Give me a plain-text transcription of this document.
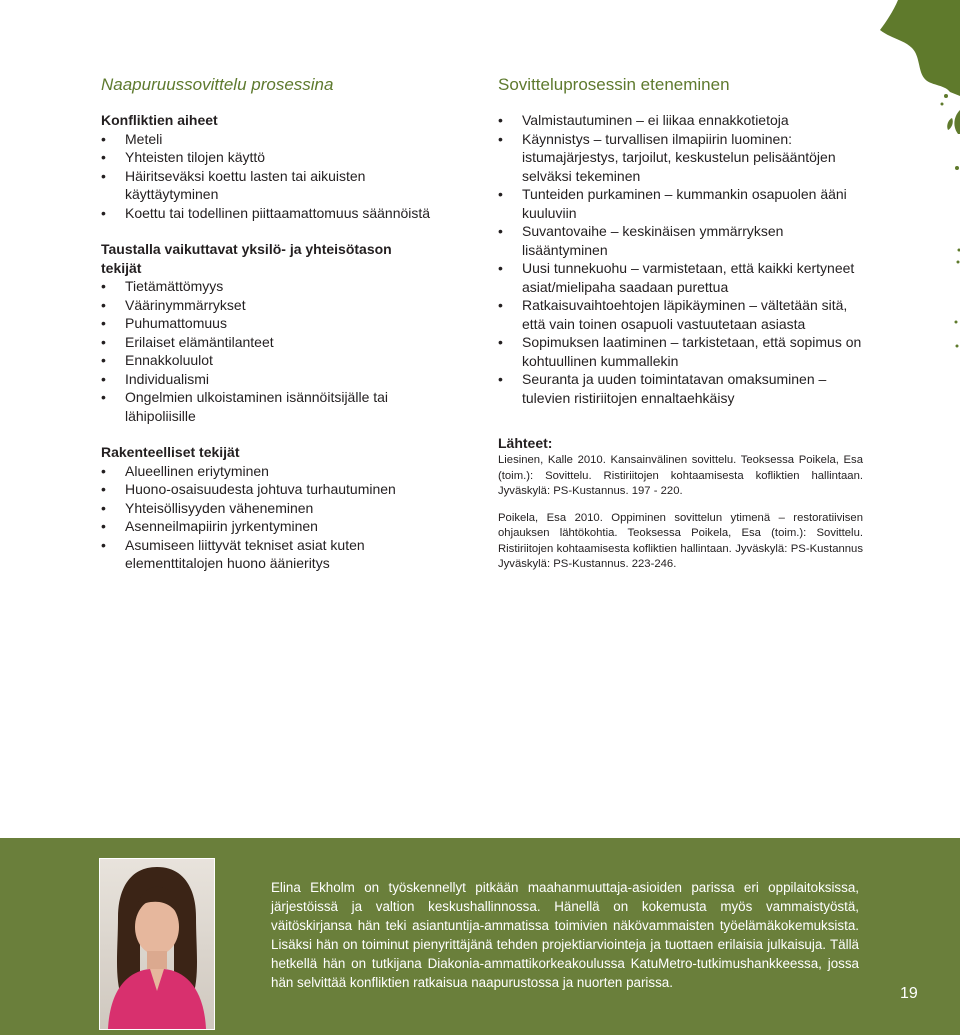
Naapuruussovittelu prosessina

Konfliktien aiheet

• Meteli
• Yhteisten tilojen käyttö
• Häiritseväksi koettu lasten tai aikuisten käyttäytyminen
• Koettu tai todellinen piittaamattomuus säännöistä

Taustalla vaikuttavat yksilö- ja yhteisötason tekijät

• Tietämättömyys
• Väärinymmärrykset
• Puhumattomuus
• Erilaiset elämäntilanteet
• Ennakkoluulot
• Individualismi
• Ongelmien ulkoistaminen isännöitsijälle tai lähipoliisille

Rakenteelliset tekijät

• Alueellinen eriytyminen
• Huono-osaisuudesta johtuva turhautuminen
• Yhteisöllisyyden väheneminen
• Asenneilmapiirin jyrkentyminen
• Asumiseen liittyvät tekniset asiat kuten elementtitalojen huono äänieritys
Sovitteluprosessin eteneminen
• Valmistautuminen – ei liikaa ennakkotietoja
• Käynnistys – turvallisen ilmapiirin luominen: istumajärjestys, tarjoilut, keskustelun pelisääntöjen selväksi tekeminen
• Tunteiden purkaminen – kummankin osapuolen ääni kuuluviin
• Suvantovaihe – keskinäisen ymmärryksen lisääntyminen
• Uusi tunnekuohu – varmistetaan, että kaikki kertyneet asiat/mielipaha saadaan purettua
• Ratkaisuvaihtoehtojen läpikäyminen – vältetään sitä, että vain toinen osapuoli vastuutetaan asiasta
• Sopimuksen laatiminen – tarkistetaan, että sopimus on kohtuullinen kummallekin
• Seuranta ja uuden toimintatavan omaksuminen – tulevien ristiriitojen ennaltaehkäisy

Lähteet:

Liesinen, Kalle 2010. Kansainvälinen sovittelu. Teoksessa Poikela, Esa (toim.): Sovittelu. Ristiriitojen kohtaamisesta kofliktien hallintaan. Jyväskylä: PS-Kustannus. 197 - 220.

Poikela, Esa 2010. Oppiminen sovittelun ytimenä – restoratiivisen ohjauksen lähtökohtia. Teoksessa Poikela, Esa (toim.): Sovittelu. Ristiriitojen kohtaamisesta kofliktien hallintaan. Jyväskylä: PS-Kustannus Jyväskylä: PS-Kustannus. 223-246.

Elina Ekholm on työskennellyt pitkään maahanmuuttaja-asioiden parissa eri oppilaitoksissa, järjestöissä ja valtion keskushallinnossa. Hänellä on kokemusta myös vammaistyöstä, väitöskirjansa hän teki asiantuntija-ammatissa toimivien näkövammaisten työelämäkokemuksista. Lisäksi hän on toiminut pienyrittäjänä tehden projektiarviointeja ja tuottaen erilaisia julkaisuja. Tällä hetkellä hän on tutkijana Diakonia-ammattikorkeakoulussa KatuMetro-tutkimushankkeessa, jossa hän selvittää konfliktien ratkaisua naapurustossa ja nuorten parissa.

19
